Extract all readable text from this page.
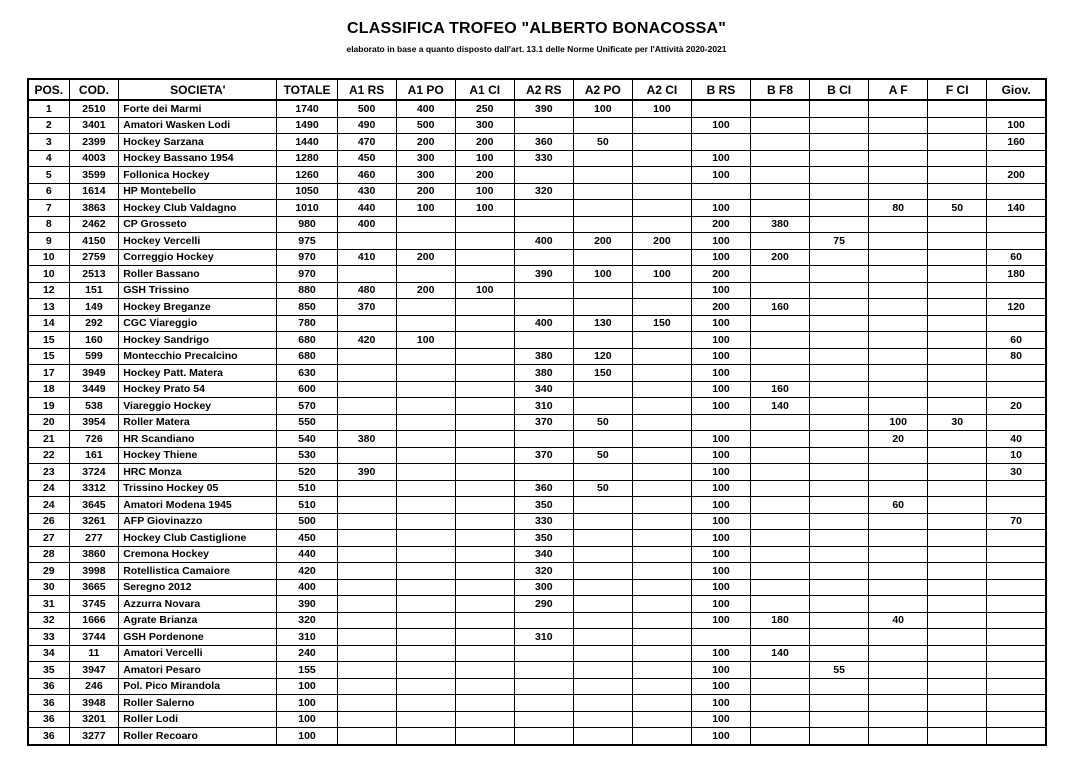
CLASSIFICA TROFEO "ALBERTO BONACOSSA"
elaborato in base a quanto disposto dall'art. 13.1 delle Norme Unificate per l'Attività 2020-2021
POS.	COD.	SOCIETA'	TOTALE	A1 RS	A1 PO	A1 CI	A2 RS	A2 PO	A2 CI	B RS	B F8	B CI	A F	F CI	Giov.
1	2510	Forte dei Marmi	1740	500	400	250	390	100	100						
2	3401	Amatori Wasken Lodi	1490	490	500	300				100					100
3	2399	Hockey Sarzana	1440	470	200	200	360	50							160
4	4003	Hockey Bassano 1954	1280	450	300	100	330			100					
5	3599	Follonica Hockey	1260	460	300	200				100					200
6	1614	HP Montebello	1050	430	200	100	320								
7	3863	Hockey Club Valdagno	1010	440	100	100				100			80	50	140
8	2462	CP Grosseto	980	400						200	380				
9	4150	Hockey Vercelli	975				400	200	200	100		75			
10	2759	Correggio Hockey	970	410	200					100	200				60
10	2513	Roller Bassano	970				390	100	100	200					180
12	151	GSH Trissino	880	480	200	100				100					
13	149	Hockey Breganze	850	370						200	160				120
14	292	CGC Viareggio	780				400	130	150	100					
15	160	Hockey Sandrigo	680	420	100					100					60
15	599	Montecchio Precalcino	680				380	120		100					80
17	3949	Hockey Patt. Matera	630				380	150		100					
18	3449	Hockey Prato 54	600				340			100	160				
19	538	Viareggio Hockey	570				310			100	140				20
20	3954	Roller Matera	550				370	50					100	30	
21	726	HR Scandiano	540	380						100			20		40
22	161	Hockey Thiene	530				370	50		100					10
23	3724	HRC Monza	520	390						100					30
24	3312	Trissino Hockey 05	510				360	50		100					
24	3645	Amatori Modena 1945	510				350			100			60		
26	3261	AFP Giovinazzo	500				330			100					70
27	277	Hockey Club Castiglione	450				350			100					
28	3860	Cremona Hockey	440				340			100					
29	3998	Rotellistica Camaiore	420				320			100					
30	3665	Seregno 2012	400				300			100					
31	3745	Azzurra Novara	390				290			100					
32	1666	Agrate Brianza	320							100	180		40		
33	3744	GSH Pordenone	310				310								
34	11	Amatori Vercelli	240							100	140				
35	3947	Amatori Pesaro	155							100		55			
36	246	Pol. Pico Mirandola	100							100					
36	3948	Roller Salerno	100							100					
36	3201	Roller Lodi	100							100					
36	3277	Roller Recoaro	100							100					
